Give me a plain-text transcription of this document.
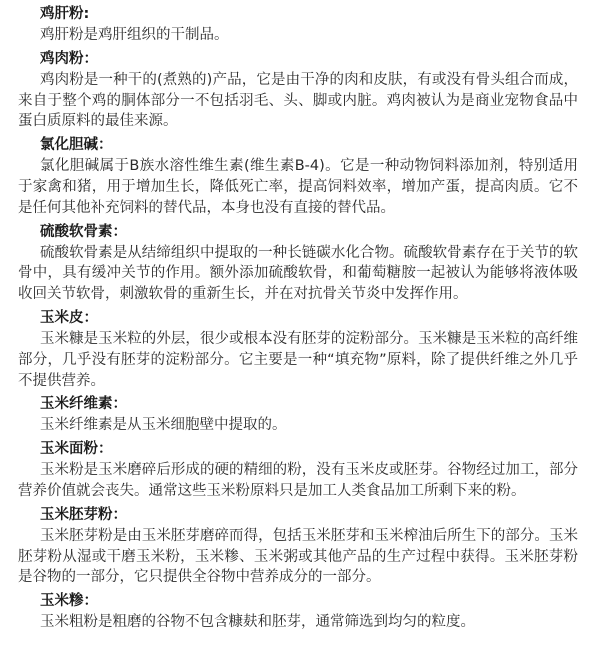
鸡肝粉:

鸡肝粉是鸡肝组织的干制品。

鸡肉粉：

鸡肉粉是一种干的(煮熟的)产品，它是由干净的肉和皮肤，有或没有骨头组合而成，来自于整个鸡的胴体部分一不包括羽毛、头、脚或内脏。鸡肉被认为是商业宠物食品中蛋白质原料的最佳来源。

氯化胆碱：

氯化胆碱属于B族水溶性维生素(维生素B-4)。它是一种动物饲料添加剂，特别适用于家禽和猪，用于增加生长，降低死亡率，提高饲料效率，增加产蛋，提高肉质。它不是任何其他补充饲料的替代品，本身也没有直接的替代品。

硫酸软骨素：

硫酸软骨素是从结缔组织中提取的一种长链碳水化合物。硫酸软骨素存在于关节的软骨中，具有缓冲关节的作用。额外添加硫酸软骨，和葡萄糖胺一起被认为能够将液体吸收回关节软骨，刺激软骨的重新生长，并在对抗骨关节炎中发挥作用。

玉米皮：

玉米糠是玉米粒的外层，很少或根本没有胚芽的淀粉部分。玉米糠是玉米粒的高纤维部分，几乎没有胚芽的淀粉部分。它主要是一种“填充物”原料，除了提供纤维之外几乎不提供营养。

玉米纤维素：

玉米纤维素是从玉米细胞壁中提取的。

玉米面粉：

玉米粉是玉米磨碎后形成的硬的精细的粉，没有玉米皮或胚芽。谷物经过加工，部分营养价值就会丧失。通常这些玉米粉原料只是加工人类食品加工所剩下来的粉。

玉米胚芽粉：

玉米胚芽粉是由玉米胚芽磨碎而得，包括玉米胚芽和玉米榨油后所生下的部分。玉米胚芽粉从湿或干磨玉米粉，玉米糁、玉米粥或其他产品的生产过程中获得。玉米胚芽粉是谷物的一部分，它只提供全谷物中营养成分的一部分。

玉米糁：

玉米粗粉是粗磨的谷物不包含糠麸和胚芽，通常筛选到均匀的粒度。
